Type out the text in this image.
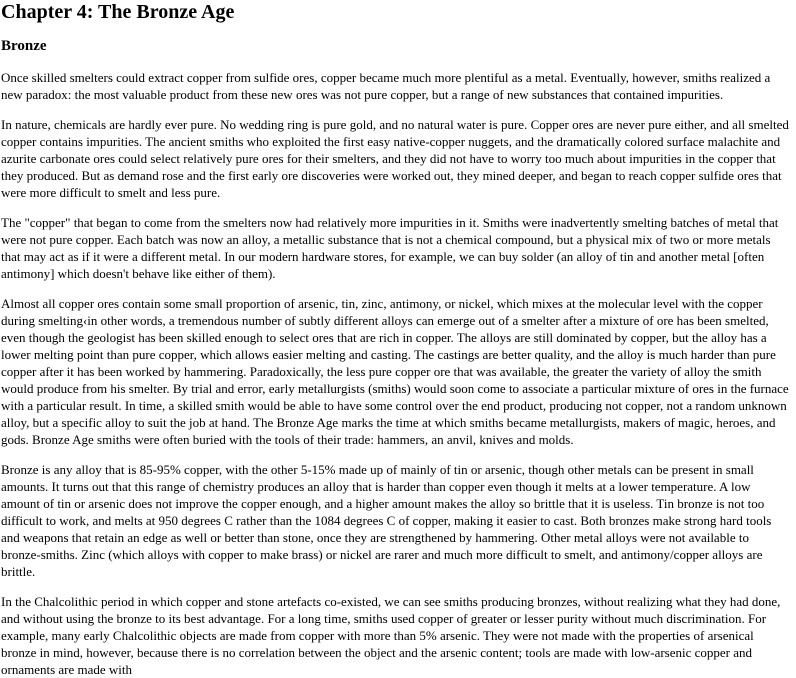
Chapter 4: The Bronze Age
Bronze

Once skilled smelters could extract copper from sulfide ores, copper became much more plentiful as a metal. Eventually, however, smiths realized a new paradox: the most valuable product from these new ores was not pure copper, but a range of new substances that contained impurities.

In nature, chemicals are hardly ever pure. No wedding ring is pure gold, and no natural water is pure. Copper ores are never pure either, and all smelted copper contains impurities. The ancient smiths who exploited the first easy native-copper nuggets, and the dramatically colored surface malachite and azurite carbonate ores could select relatively pure ores for their smelters, and they did not have to worry too much about impurities in the copper that they produced. But as demand rose and the first early ore discoveries were worked out, they mined deeper, and began to reach copper sulfide ores that were more difficult to smelt and less pure.

The "copper" that began to come from the smelters now had relatively more impurities in it. Smiths were inadvertently smelting batches of metal that were not pure copper. Each batch was now an alloy, a metallic substance that is not a chemical compound, but a physical mix of two or more metals that may act as if it were a different metal. In our modern hardware stores, for example, we can buy solder (an alloy of tin and another metal [often antimony] which doesn't behave like either of them).

Almost all copper ores contain some small proportion of arsenic, tin, zinc, antimony, or nickel, which mixes at the molecular level with the copper during smelting‹in other words, a tremendous number of subtly different alloys can emerge out of a smelter after a mixture of ore has been smelted, even though the geologist has been skilled enough to select ores that are rich in copper. The alloys are still dominated by copper, but the alloy has a lower melting point than pure copper, which allows easier melting and casting. The castings are better quality, and the alloy is much harder than pure copper after it has been worked by hammering. Paradoxically, the less pure copper ore that was available, the greater the variety of alloy the smith would produce from his smelter. By trial and error, early metallurgists (smiths) would soon come to associate a particular mixture of ores in the furnace with a particular result. In time, a skilled smith would be able to have some control over the end product, producing not copper, not a random unknown alloy, but a specific alloy to suit the job at hand. The Bronze Age marks the time at which smiths became metallurgists, makers of magic, heroes, and gods. Bronze Age smiths were often buried with the tools of their trade: hammers, an anvil, knives and molds.

Bronze is any alloy that is 85-95% copper, with the other 5-15% made up of mainly of tin or arsenic, though other metals can be present in small amounts. It turns out that this range of chemistry produces an alloy that is harder than copper even though it melts at a lower temperature. A low amount of tin or arsenic does not improve the copper enough, and a higher amount makes the alloy so brittle that it is useless. Tin bronze is not too difficult to work, and melts at 950 degrees C rather than the 1084 degrees C of copper, making it easier to cast. Both bronzes make strong hard tools and weapons that retain an edge as well or better than stone, once they are strengthened by hammering. Other metal alloys were not available to bronze-smiths. Zinc (which alloys with copper to make brass) or nickel are rarer and much more difficult to smelt, and antimony/copper alloys are brittle.

In the Chalcolithic period in which copper and stone artefacts co-existed, we can see smiths producing bronzes, without realizing what they had done, and without using the bronze to its best advantage. For a long time, smiths used copper of greater or lesser purity without much discrimination. For example, many early Chalcolithic objects are made from copper with more than 5% arsenic. They were not made with the properties of arsenical bronze in mind, however, because there is no correlation between the object and the arsenic content; tools are made with low-arsenic copper and ornaments are made with
